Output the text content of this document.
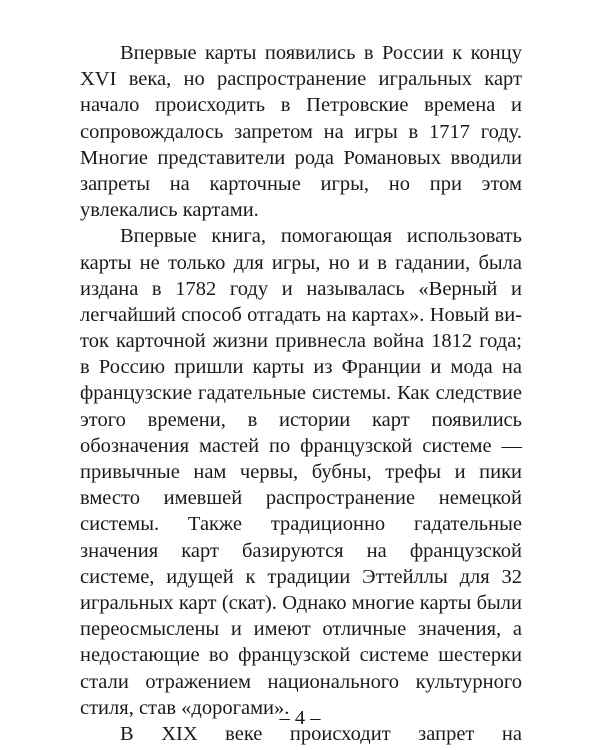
Впервые карты появились в России к концу
XVI века, но распространение игральных карт
начало происходить в Петровские времена и
сопровождалось запретом на игры в 1717 году.
Многие представители рода Романовых вводили
запреты на карточные игры, но при этом
увлекались картами.
Впервые книга, помогающая использовать
карты не только для игры, но и в гадании, была
издана в 1782 году и называлась «Верный и
легчайший способ отгадать на картах». Новый ви-
ток карточной жизни привнесла война 1812 года;
в Россию пришли карты из Франции и мода на
французские гадательные системы. Как следствие
этого времени, в истории карт появились
обозначения мастей по французской системе —
привычные нам червы, бубны, трефы и пики
вместо имевшей распространение немецкой
системы. Также традиционно гадательные
значения карт базируются на французской
системе, идущей к традиции Эттейллы для 32
игральных карт (скат). Однако многие карты были
переосмыслены и имеют отличные значения, а
недостающие во французской системе шестерки
стали отражением национального культурного
стиля, став «дорогами».
В XIX веке происходит запрет на
– 4 –
